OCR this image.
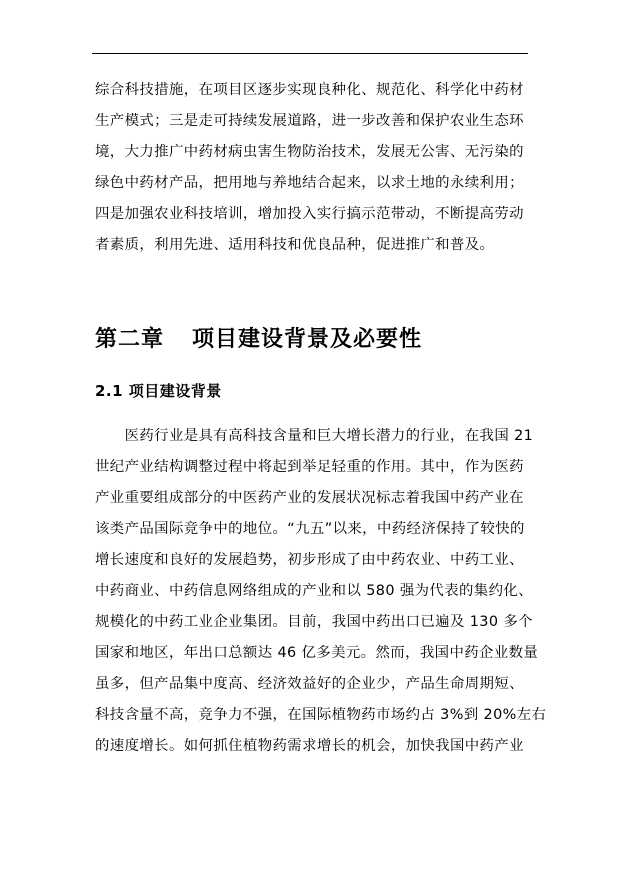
综合科技措施，在项目区逐步实现良种化、规范化、科学化中药材
生产模式；三是走可持续发展道路，进一步改善和保护农业生态环
境，大力推广中药材病虫害生物防治技术，发展无公害、无污染的
绿色中药材产品，把用地与养地结合起来，以求土地的永续利用；
四是加强农业科技培训，增加投入实行搞示范带动，不断提高劳动
者素质，利用先进、适用科技和优良品种，促进推广和普及。

第二章 项目建设背景及必要性
2.1 项目建设背景

　　医药行业是具有高科技含量和巨大增长潜力的行业，在我国 21
世纪产业结构调整过程中将起到举足轻重的作用。其中，作为医药
产业重要组成部分的中医药产业的发展状况标志着我国中药产业在
该类产品国际竞争中的地位。“九五”以来，中药经济保持了较快的
增长速度和良好的发展趋势，初步形成了由中药农业、中药工业、
中药商业、中药信息网络组成的产业和以 580 强为代表的集约化、
规模化的中药工业企业集团。目前，我国中药出口已遍及 130 多个
国家和地区，年出口总额达 46 亿多美元。然而，我国中药企业数量
虽多，但产品集中度高、经济效益好的企业少，产品生命周期短、
科技含量不高，竞争力不强，在国际植物药市场约占 3%到 20%左右
的速度增长。如何抓住植物药需求增长的机会，加快我国中药产业
